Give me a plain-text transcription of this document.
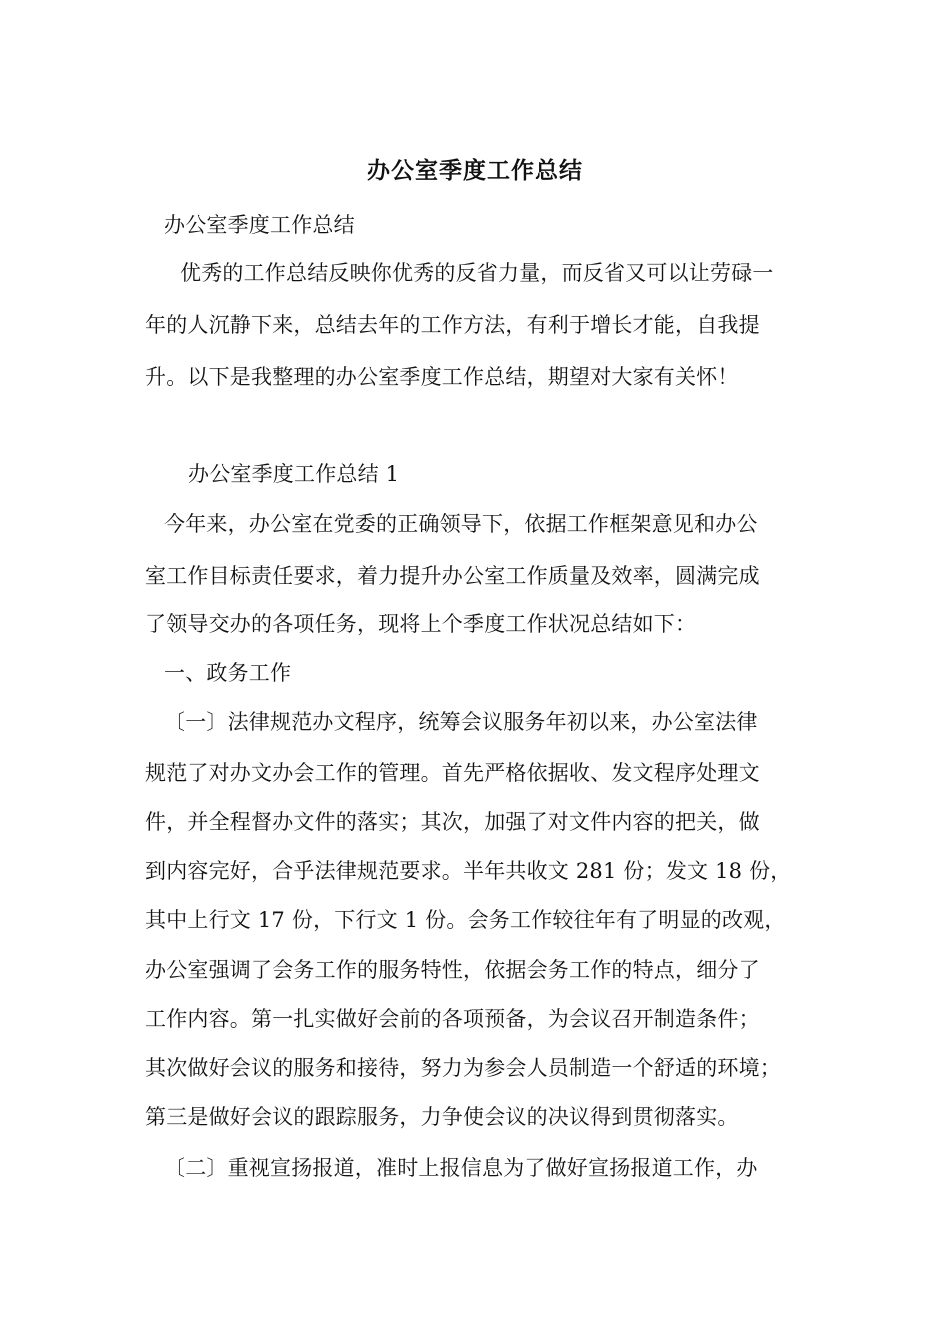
办公室季度工作总结
办公室季度工作总结
优秀的工作总结反映你优秀的反省力量，而反省又可以让劳碌一
年的人沉静下来，总结去年的工作方法，有利于增长才能，自我提
升。以下是我整理的办公室季度工作总结，期望对大家有关怀！
办公室季度工作总结 1
今年来，办公室在党委的正确领导下，依据工作框架意见和办公
室工作目标责任要求，着力提升办公室工作质量及效率，圆满完成
了领导交办的各项任务，现将上个季度工作状况总结如下：
一、政务工作
〔一〕法律规范办文程序，统筹会议服务年初以来，办公室法律
规范了对办文办会工作的管理。首先严格依据收、发文程序处理文
件，并全程督办文件的落实；其次，加强了对文件内容的把关，做
到内容完好，合乎法律规范要求。半年共收文 281 份；发文 18 份，
其中上行文 17 份，下行文 1 份。会务工作较往年有了明显的改观，
办公室强调了会务工作的服务特性，依据会务工作的特点，细分了
工作内容。第一扎实做好会前的各项预备，为会议召开制造条件；
其次做好会议的服务和接待，努力为参会人员制造一个舒适的环境；
第三是做好会议的跟踪服务，力争使会议的决议得到贯彻落实。
〔二〕重视宣扬报道，准时上报信息为了做好宣扬报道工作，办
